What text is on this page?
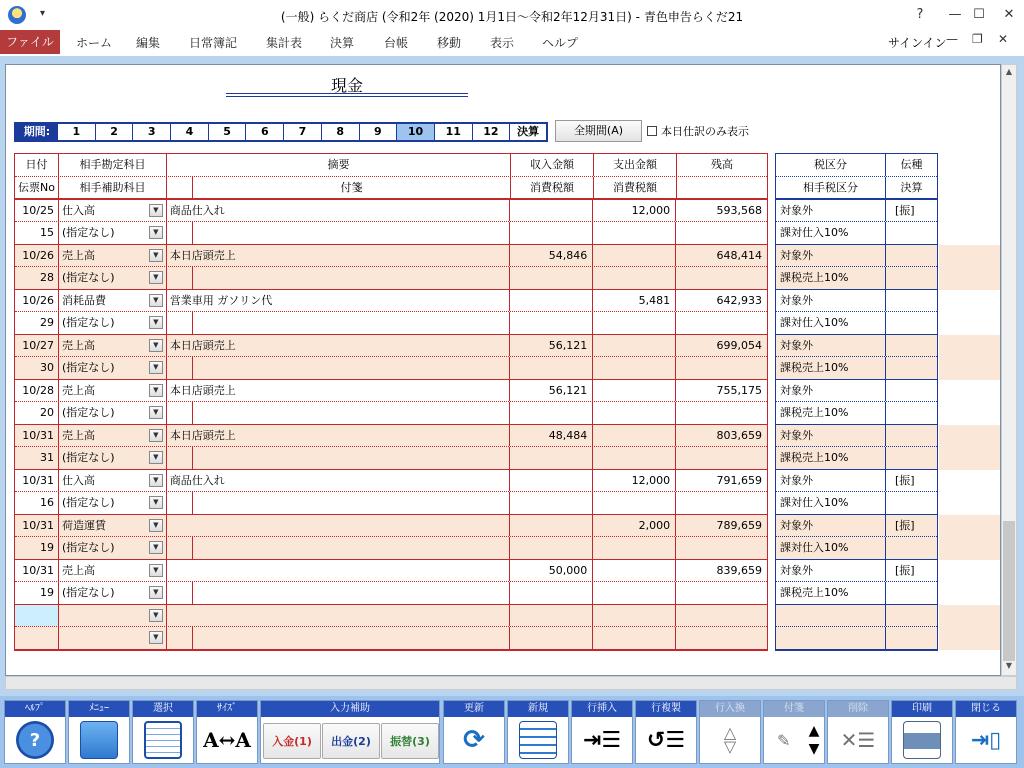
▾	(一般) らくだ商店 (令和2年 (2020) 1月1日〜令和2年12月31日) - 青色申告らくだ21	?	— ☐	✕
ファイル	ホーム 編集 日常簿記 集計表 決算 台帳 移動 表示 ヘルプ	サインイン — ❐ ✕
現金
期間:	1	2	3	4	5	6	7	8	9	10	11	12	決算	全期間(A)	本日仕訳のみ表示
日付	相手勘定科目	摘要	収入金額	支出金額	残高
伝票No	相手補助科目	付箋	消費税額	消費税額
10/25 仕入高	▼	商品仕入れ	12,000	593,568
15 (指定なし)	▼
10/26 売上高	▼	本日店頭売上	54,846	648,414
28 (指定なし)	▼
10/26 消耗品費	▼	営業車用 ガソリン代	5,481	642,933
29 (指定なし)	▼
10/27 売上高	▼	本日店頭売上	56,121	699,054
30 (指定なし)	▼
10/28 売上高	▼	本日店頭売上	56,121	755,175
20 (指定なし)	▼
10/31 売上高	▼	本日店頭売上	48,484	803,659
31 (指定なし)	▼
10/31 仕入高	▼	商品仕入れ	12,000	791,659
16 (指定なし)	▼
10/31 荷造運賃	▼	2,000	789,659
19 (指定なし)	▼
10/31 売上高	▼	50,000	839,659
19 (指定なし)	▼
▼
▼
税区分	伝種
相手税区分	決算
対象外	[振]
課対仕入10%
対象外
課税売上10%
対象外
課対仕入10%
対象外
課税売上10%
対象外
課税売上10%
対象外
課税売上10%
対象外	[振]
課対仕入10%
対象外	[振]
課対仕入10%
対象外	[振]
課税売上10%
▲
▼
ﾍﾙﾌﾟ
?
ﾒﾆｭｰ	選択	ｻｲｽﾞ
A↔A
入力補助
入金(1)	出金(2)	振替(3)
更新
⟳
新規	行挿入
⇥☰
行複製
↺☰
行入換
△
▽
付箋
✎	▲
▼
削除
✕☰
印刷	閉じる
⇥▯
